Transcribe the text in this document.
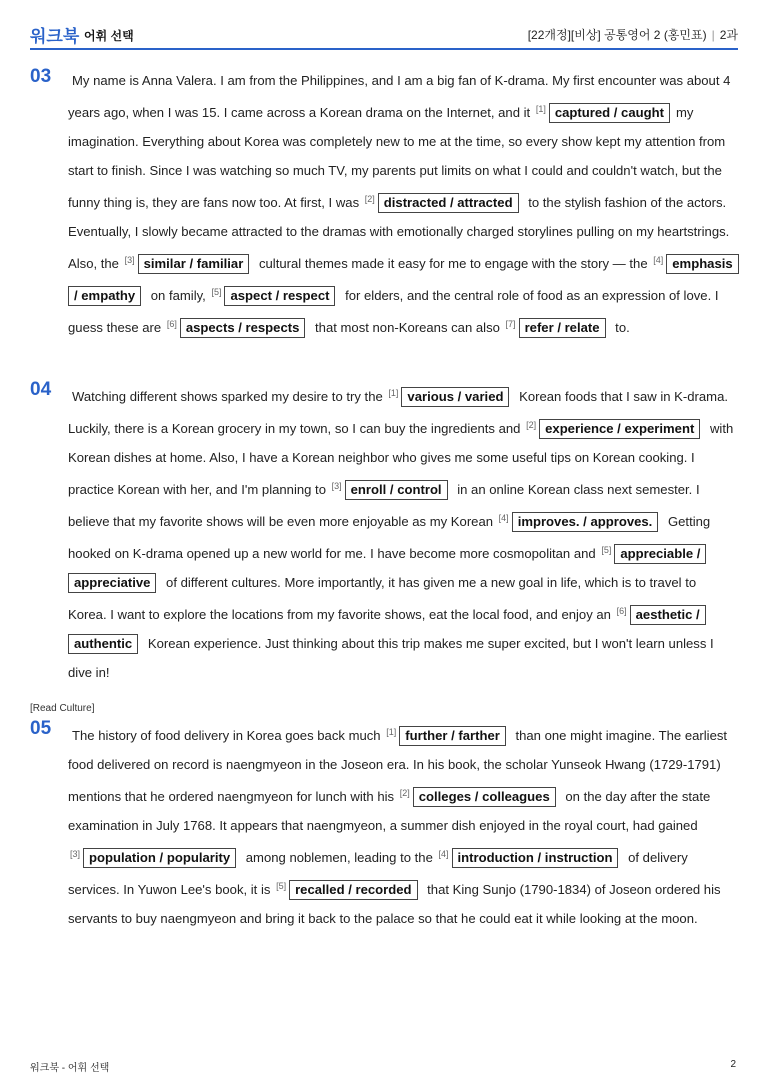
워크북 어휘 선택	[22개정][비상] 공통영어 2 (홍민표) | 2과
03	My name is Anna Valera. I am from the Philippines, and I am a big fan of K-drama. My first encounter was about 4 years ago, when I was 15. I came across a Korean drama on the Internet, and it [1] captured / caught my imagination. Everything about Korea was completely new to me at the time, so every show kept my attention from start to finish. Since I was watching so much TV, my parents put limits on what I could and couldn't watch, but the funny thing is, they are fans now too. At first, I was [2] distracted / attracted to the stylish fashion of the actors. Eventually, I slowly became attracted to the dramas with emotionally charged storylines pulling on my heartstrings. Also, the [3] similar / familiar cultural themes made it easy for me to engage with the story — the [4] emphasis / empathy on family, [5] aspect / respect for elders, and the central role of food as an expression of love. I guess these are [6] aspects / respects that most non-Koreans can also [7] refer / relate to.

04	Watching different shows sparked my desire to try the [1] various / varied Korean foods that I saw in K-drama. Luckily, there is a Korean grocery in my town, so I can buy the ingredients and [2] experience / experiment with Korean dishes at home. Also, I have a Korean neighbor who gives me some useful tips on Korean cooking. I practice Korean with her, and I'm planning to [3] enroll / control in an online Korean class next semester. I believe that my favorite shows will be even more enjoyable as my Korean [4] improves. / approves. Getting hooked on K-drama opened up a new world for me. I have become more cosmopolitan and [5] appreciable / appreciative of different cultures. More importantly, it has given me a new goal in life, which is to travel to Korea. I want to explore the locations from my favorite shows, eat the local food, and enjoy an [6] aesthetic / authentic Korean experience. Just thinking about this trip makes me super excited, but I won't learn unless I dive in!

[Read Culture]
05	The history of food delivery in Korea goes back much [1] further / farther than one might imagine. The earliest food delivered on record is naengmyeon in the Joseon era. In his book, the scholar Yunseok Hwang (1729-1791) mentions that he ordered naengmyeon for lunch with his [2] colleges / colleagues on the day after the state examination in July 1768. It appears that naengmyeon, a summer dish enjoyed in the royal court, had gained [3] population / popularity among noblemen, leading to the [4] introduction / instruction of delivery services. In Yuwon Lee's book, it is [5] recalled / recorded that King Sunjo (1790-1834) of Joseon ordered his servants to buy naengmyeon and bring it back to the palace so that he could eat it while looking at the moon.

워크북 - 어휘 선택	2
